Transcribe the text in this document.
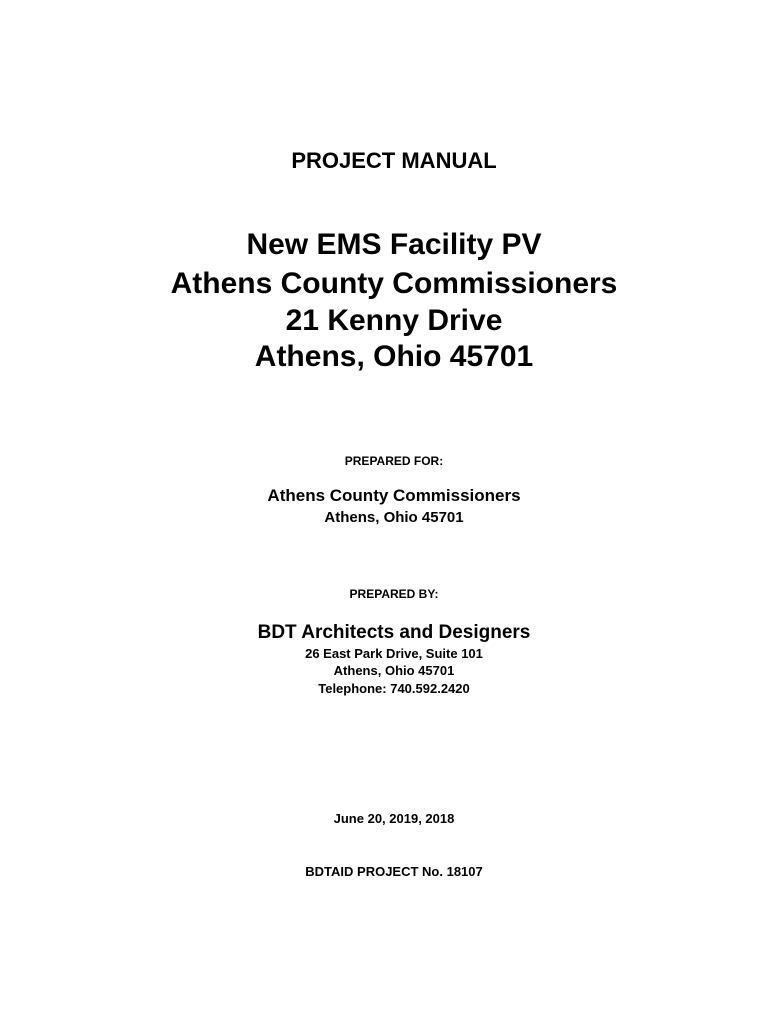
PROJECT MANUAL

New EMS Facility PV

Athens County Commissioners

21 Kenny Drive

Athens, Ohio 45701

PREPARED FOR:

Athens County Commissioners

Athens, Ohio 45701

PREPARED BY:

BDT Architects and Designers

26 East Park Drive, Suite 101

Athens, Ohio 45701

Telephone: 740.592.2420

June 20, 2019, 2018

BDTAID PROJECT No. 18107
